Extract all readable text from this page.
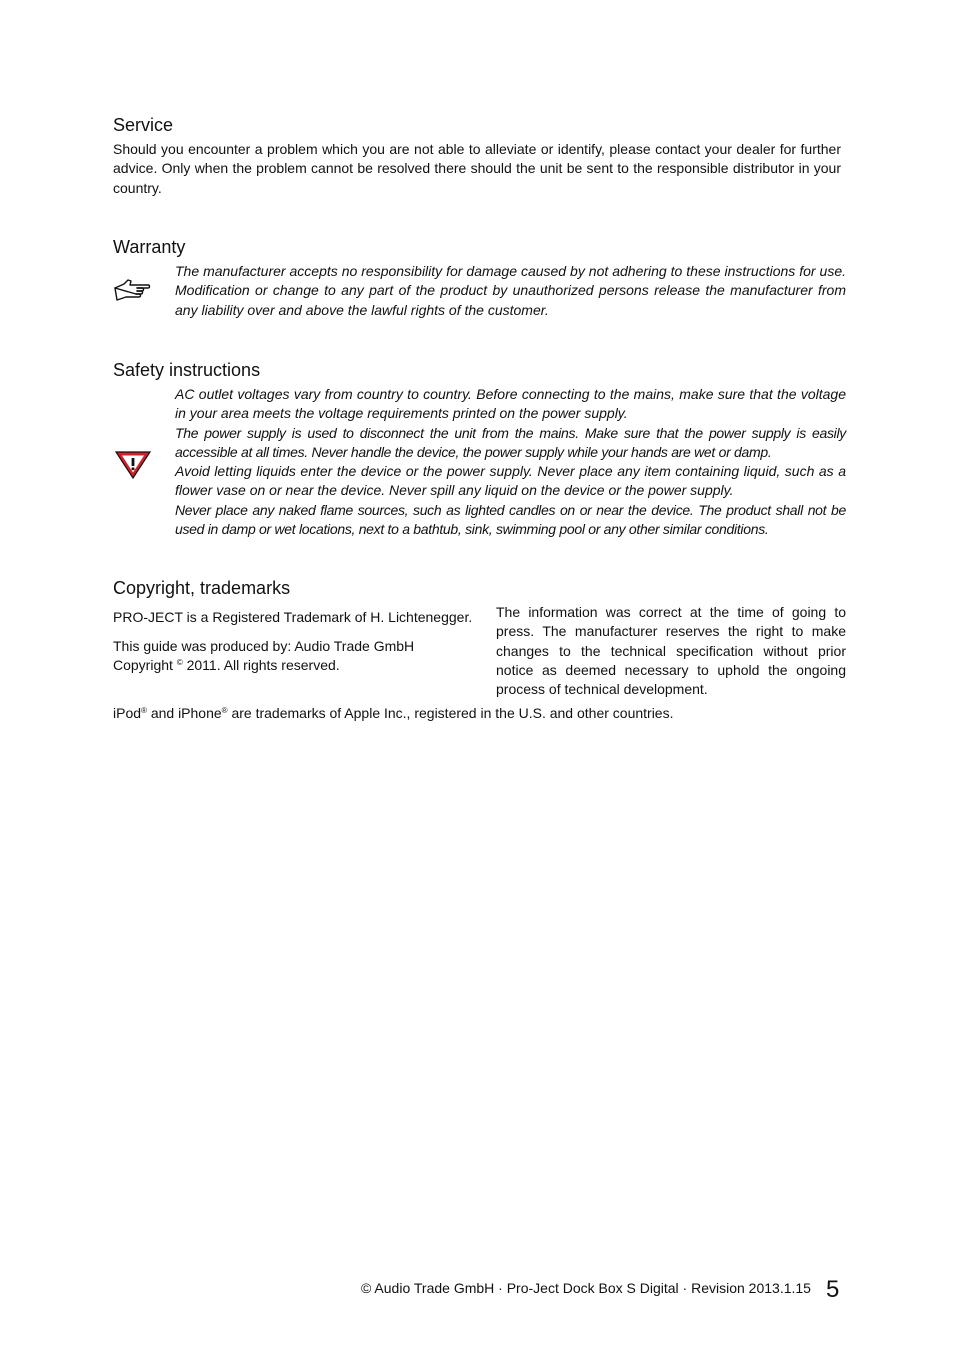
Service

Should you encounter a problem which you are not able to alleviate or identify, please contact your dealer for further advice. Only when the problem cannot be resolved there should the unit be sent to the responsible distributor in your country.

Warranty

The manufacturer accepts no responsibility for damage caused by not adhering to these instructions for use. Modification or change to any part of the product by unauthorized persons release the manufacturer from any liability over and above the lawful rights of the customer.

Safety instructions

AC outlet voltages vary from country to country. Before connecting to the mains, make sure that the voltage in your area meets the voltage requirements printed on the power supply.

The power supply is used to disconnect the unit from the mains. Make sure that the power supply is easily accessible at all times. Never handle the device, the power supply while your hands are wet or damp.

Avoid letting liquids enter the device or the power supply. Never place any item containing liquid, such as a flower vase on or near the device. Never spill any liquid on the device or the power supply.

Never place any naked flame sources, such as lighted candles on or near the device. The product shall not be used in damp or wet locations, next to a bathtub, sink, swimming pool or any other similar conditions.

Copyright, trademarks

PRO-JECT is a Registered Trademark of H. Lichtenegger.

This guide was produced by: Audio Trade GmbH

Copyright © 2011. All rights reserved.

The information was correct at the time of going to press. The manufacturer reserves the right to make changes to the technical specification without prior notice as deemed necessary to uphold the ongoing process of technical development.

iPod® and iPhone® are trademarks of Apple Inc., registered in the U.S. and other countries.

© Audio Trade GmbH · Pro-Ject Dock Box S Digital · Revision 2013.1.15 5
